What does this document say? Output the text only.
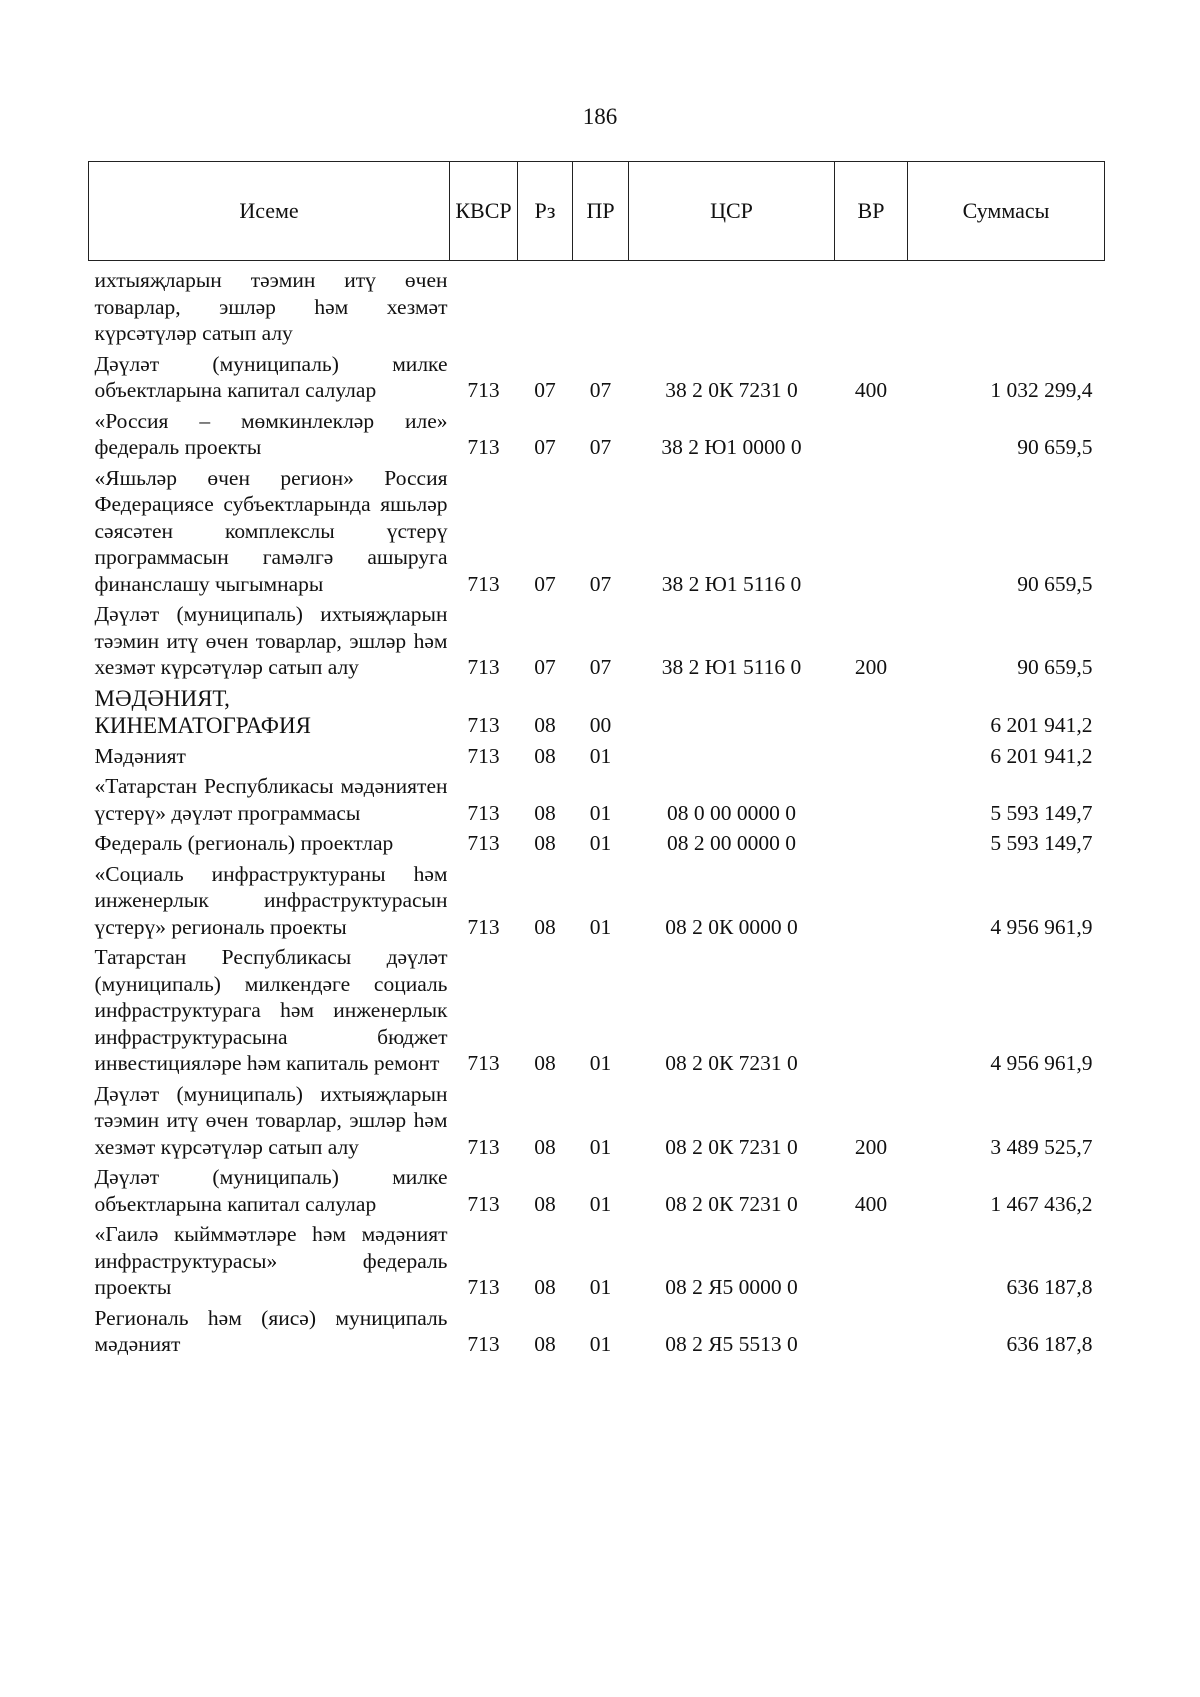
186
Исеме	КВСР	Рз	ПР	ЦСР	ВР	Суммасы
ихтыяҗларын тәэмин итү өчен товарлар, эшләр һәм хезмәт күрсәтүләр сатып алу						
Дәүләт (муниципаль) милке объектларына капитал салулар	713	07	07	38 2 0К 7231 0	400	1 032 299,4
«Россия – мөмкинлекләр иле» федераль проекты	713	07	07	38 2 Ю1 0000 0		90 659,5
«Яшьләр өчен регион» Россия Федерациясе субъектларында яшьләр сәясәтен комплекслы үстерү программасын гамәлгә ашыруга финанслашу чыгымнары	713	07	07	38 2 Ю1 5116 0		90 659,5
Дәүләт (муниципаль) ихтыяҗларын тәэмин итү өчен товарлар, эшләр һәм хезмәт күрсәтүләр сатып алу	713	07	07	38 2 Ю1 5116 0	200	90 659,5
МӘДӘНИЯТ, КИНЕМАТОГРАФИЯ	713	08	00			6 201 941,2
Мәдәният	713	08	01			6 201 941,2
«Татарстан Республикасы мәдәниятен үстерү» дәүләт программасы	713	08	01	08 0 00 0000 0		5 593 149,7
Федераль (региональ) проектлар	713	08	01	08 2 00 0000 0		5 593 149,7
«Социаль инфраструктураны һәм инженерлык инфраструктурасын үстерү» региональ проекты	713	08	01	08 2 0К 0000 0		4 956 961,9
Татарстан Республикасы дәүләт (муниципаль) милкендәге социаль инфраструктурага һәм инженерлык инфраструктурасына бюджет инвестицияләре һәм капиталь ремонт	713	08	01	08 2 0К 7231 0		4 956 961,9
Дәүләт (муниципаль) ихтыяҗларын тәэмин итү өчен товарлар, эшләр һәм хезмәт күрсәтүләр сатып алу	713	08	01	08 2 0К 7231 0	200	3 489 525,7
Дәүләт (муниципаль) милке объектларына капитал салулар	713	08	01	08 2 0К 7231 0	400	1 467 436,2
«Гаилә кыйммәтләре һәм мәдәният инфраструктурасы» федераль проекты	713	08	01	08 2 Я5 0000 0		636 187,8
Региональ һәм (яисә) муниципаль мәдәният	713	08	01	08 2 Я5 5513 0		636 187,8
